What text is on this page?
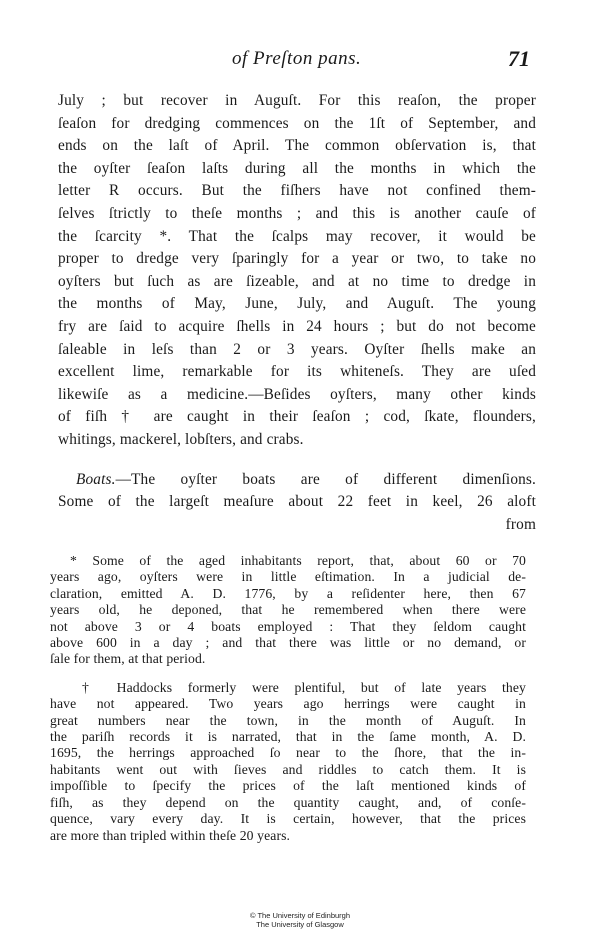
of Preſton pans.	71
July ; but recover in Auguſt. For this reaſon, the proper
ſeaſon for dredging commences on the 1ſt of September, and
ends on the laſt of April. The common obſervation is, that
the oyſter ſeaſon laſts during all the months in which the
letter R occurs. But the fiſhers have not confined them-
ſelves ſtrictly to theſe months ; and this is another cauſe of
the ſcarcity *. That the ſcalps may recover, it would be
proper to dredge very ſparingly for a year or two, to take no
oyſters but ſuch as are ſizeable, and at no time to dredge in
the months of May, June, July, and Auguſt. The young
fry are ſaid to acquire ſhells in 24 hours ; but do not become
ſaleable in leſs than 2 or 3 years. Oyſter ſhells make an
excellent lime, remarkable for its whiteneſs. They are uſed
likewiſe as a medicine.—Beſides oyſters, many other kinds
of fiſh † are caught in their ſeaſon ; cod, ſkate, flounders,
whitings, mackerel, lobſters, and crabs.
Boats.—The oyſter boats are of different dimenſions.
Some of the largeſt meaſure about 22 feet in keel, 26 aloft
from
* Some of the aged inhabitants report, that, about 60 or 70
years ago, oyſters were in little eſtimation. In a judicial de-
claration, emitted A. D. 1776, by a reſidenter here, then 67
years old, he deponed, that he remembered when there were
not above 3 or 4 boats employed : That they ſeldom caught
above 600 in a day ; and that there was little or no demand, or
ſale for them, at that period.
† Haddocks formerly were plentiful, but of late years they
have not appeared. Two years ago herrings were caught in
great numbers near the town, in the month of Auguſt. In
the pariſh records it is narrated, that in the ſame month, A. D.
1695, the herrings approached ſo near to the ſhore, that the in-
habitants went out with ſieves and riddles to catch them. It is
impoſſible to ſpecify the prices of the laſt mentioned kinds of
fiſh, as they depend on the quantity caught, and, of conſe-
quence, vary every day. It is certain, however, that the prices
are more than tripled within theſe 20 years.
© The University of Edinburgh
The University of Glasgow
